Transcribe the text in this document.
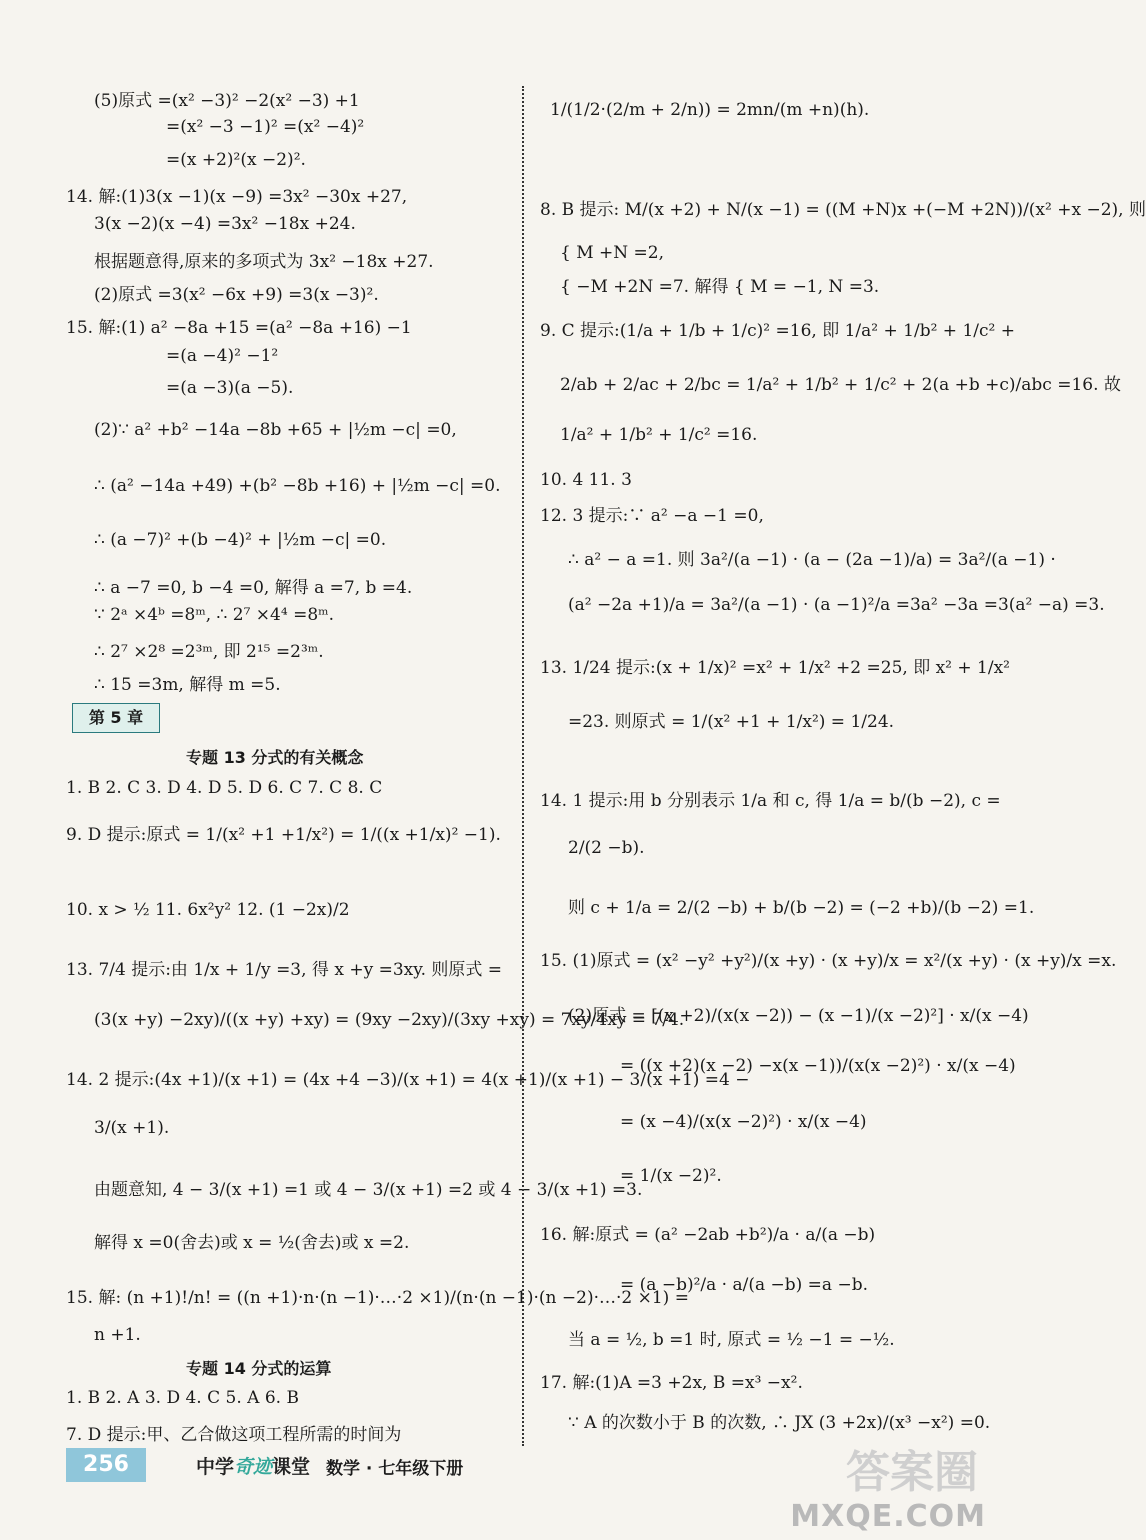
(5)原式 =(x² −3)² −2(x² −3) +1
=(x² −3 −1)² =(x² −4)²
=(x +2)²(x −2)².
14. 解:(1)3(x −1)(x −9) =3x² −30x +27,
3(x −2)(x −4) =3x² −18x +24.
根据题意得,原来的多项式为 3x² −18x +27.
(2)原式 =3(x² −6x +9) =3(x −3)².
15. 解:(1) a² −8a +15 =(a² −8a +16) −1
=(a −4)² −1²
=(a −3)(a −5).
(2)∵ a² +b² −14a −8b +65 + |½m −c| =0,
∴ (a² −14a +49) +(b² −8b +16) + |½m −c| =0.
∴ (a −7)² +(b −4)² + |½m −c| =0.
∴ a −7 =0, b −4 =0, 解得 a =7, b =4.
∵ 2ᵃ ×4ᵇ =8ᵐ, ∴ 2⁷ ×4⁴ =8ᵐ.
∴ 2⁷ ×2⁸ =2³ᵐ, 即 2¹⁵ =2³ᵐ.
∴ 15 =3m, 解得 m =5.
1. B 2. C 3. D 4. D 5. D 6. C 7. C 8. C
9. D 提示:原式 = 1/(x² +1 +1/x²) = 1/((x +1/x)² −1).
10. x > ½ 11. 6x²y² 12. (1 −2x)/2
13. 7/4 提示:由 1/x + 1/y =3, 得 x +y =3xy. 则原式 =
(3(x +y) −2xy)/((x +y) +xy) = (9xy −2xy)/(3xy +xy) = 7xy/4xy = 7/4.
14. 2 提示:(4x +1)/(x +1) = (4x +4 −3)/(x +1) = 4(x +1)/(x +1) − 3/(x +1) =4 −
3/(x +1).
由题意知, 4 − 3/(x +1) =1 或 4 − 3/(x +1) =2 或 4 − 3/(x +1) =3.
解得 x =0(舍去)或 x = ½(舍去)或 x =2.
15. 解: (n +1)!/n! = ((n +1)·n·(n −1)·…·2 ×1)/(n·(n −1)·(n −2)·…·2 ×1) =
n +1.
1. B 2. A 3. D 4. C 5. A 6. B
7. D 提示:甲、乙合做这项工程所需的时间为
专题 13 分式的有关概念
专题 14 分式的运算
1/(1/2·(2/m + 2/n)) = 2mn/(m +n)(h).
8. B 提示: M/(x +2) + N/(x −1) = ((M +N)x +(−M +2N))/(x² +x −2), 则
{ M +N =2,
{ −M +2N =7. 解得 { M = −1, N =3.
9. C 提示:(1/a + 1/b + 1/c)² =16, 即 1/a² + 1/b² + 1/c² +
2/ab + 2/ac + 2/bc = 1/a² + 1/b² + 1/c² + 2(a +b +c)/abc =16. 故
1/a² + 1/b² + 1/c² =16.
10. 4 11. 3
12. 3 提示:∵ a² −a −1 =0,
∴ a² − a =1. 则 3a²/(a −1) · (a − (2a −1)/a) = 3a²/(a −1) ·
(a² −2a +1)/a = 3a²/(a −1) · (a −1)²/a =3a² −3a =3(a² −a) =3.
13. 1/24 提示:(x + 1/x)² =x² + 1/x² +2 =25, 即 x² + 1/x²
=23. 则原式 = 1/(x² +1 + 1/x²) = 1/24.
14. 1 提示:用 b 分别表示 1/a 和 c, 得 1/a = b/(b −2), c =
2/(2 −b).
则 c + 1/a = 2/(2 −b) + b/(b −2) = (−2 +b)/(b −2) =1.
15. (1)原式 = (x² −y² +y²)/(x +y) · (x +y)/x = x²/(x +y) · (x +y)/x =x.
(2)原式 = [(x +2)/(x(x −2)) − (x −1)/(x −2)²] · x/(x −4)
= ((x +2)(x −2) −x(x −1))/(x(x −2)²) · x/(x −4)
= (x −4)/(x(x −2)²) · x/(x −4)
= 1/(x −2)².
16. 解:原式 = (a² −2ab +b²)/a · a/(a −b)
= (a −b)²/a · a/(a −b) =a −b.
当 a = ½, b =1 时, 原式 = ½ −1 = −½.
17. 解:(1)A =3 +2x, B =x³ −x².
∵ A 的次数小于 B 的次数, ∴ JX (3 +2x)/(x³ −x²) =0.
第 5 章
256	中学奇迹课堂 数学 · 七年级下册	答案圈
MXQE.COM
